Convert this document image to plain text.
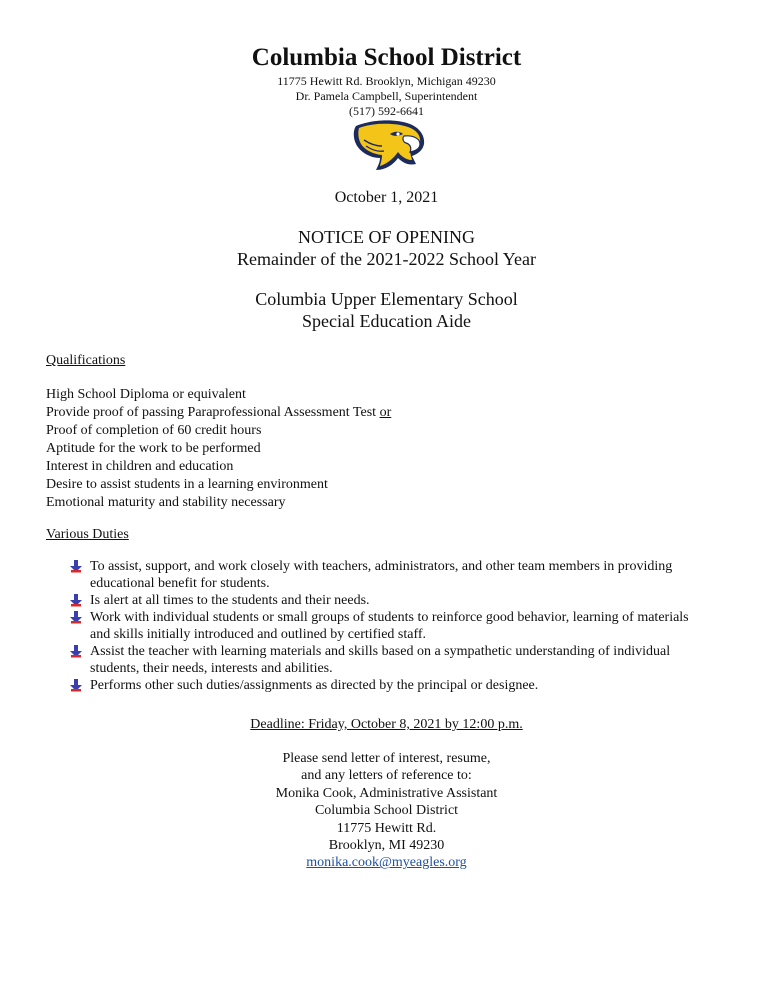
Columbia School District
11775 Hewitt Rd. Brooklyn, Michigan 49230
Dr. Pamela Campbell, Superintendent
(517) 592-6641
October 1, 2021
NOTICE OF OPENING
Remainder of the 2021-2022 School Year
Columbia Upper Elementary School
Special Education Aide
Qualifications
High School Diploma or equivalent
Provide proof of passing Paraprofessional Assessment Test or
Proof of completion of 60 credit hours
Aptitude for the work to be performed
Interest in children and education
Desire to assist students in a learning environment
Emotional maturity and stability necessary
Various Duties
To assist, support, and work closely with teachers, administrators, and other team members in providing educational benefit for students.
Is alert at all times to the students and their needs.
Work with individual students or small groups of students to reinforce good behavior, learning of materials and skills initially introduced and outlined by certified staff.
Assist the teacher with learning materials and skills based on a sympathetic understanding of individual students, their needs, interests and abilities.
Performs other such duties/assignments as directed by the principal or designee.
Deadline: Friday, October 8, 2021 by 12:00 p.m.
Please send letter of interest, resume,
and any letters of reference to:
Monika Cook, Administrative Assistant
Columbia School District
11775 Hewitt Rd.
Brooklyn, MI 49230
monika.cook@myeagles.org
